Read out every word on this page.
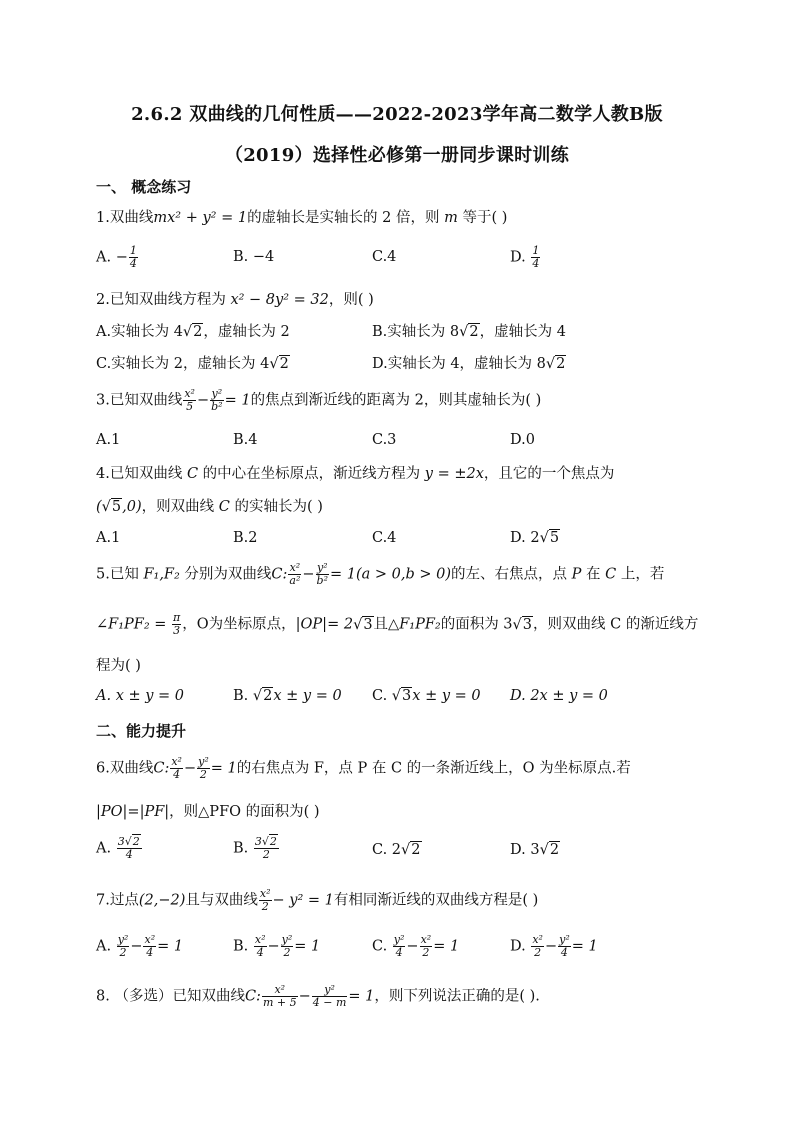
2.6.2 双曲线的几何性质——2022-2023学年高二数学人教B版
（2019）选择性必修第一册同步课时训练
一、 概念练习
1.双曲线mx² + y² = 1的虚轴长是实轴长的 2 倍，则 m 等于( )
A. − $\frac{1}{4}$	B. −4	C.4	D. $\frac{1}{4}$
2.已知双曲线方程为 x² − 8y² = 32，则( )
A.实轴长为 4√2，虚轴长为 2	B.实轴长为 8√2，虚轴长为 4
C.实轴长为 2，虚轴长为 4√2	D.实轴长为 4，虚轴长为 8√2
3.已知双曲线 $\frac{\text{x²}}{5} - \frac{\text{y²}}{\text{b²}} = 1$的焦点到渐近线的距离为 2，则其虚轴长为( )
A.1	B.4	C.3	D.0
4.已知双曲线 C 的中心在坐标原点，渐近线方程为 y = ±2x，且它的一个焦点为
(√5,0)，则双曲线 C 的实轴长为( )
A.1	B.2	C.4	D. 2√5
5.已知 F₁,F₂ 分别为双曲线C: $\frac{\text{x²}}{\text{a²}} - \frac{\text{y²}}{\text{b²}} = 1(a > 0,b > 0)$的左、右焦点，点 P 在 C 上，若
∠F₁PF₂ = $\frac{\pi}{3}$ ，O为坐标原点，|OP|= 2√3且△F₁PF₂的面积为 3√3，则双曲线 C 的渐近线方
程为( )
A. x ± y = 0	B. √2x ± y = 0 C. √3x ± y = 0 D. 2x ± y = 0
二、能力提升
6.双曲线C: $\frac{\text{x²}}{4} - \frac{\text{y²}}{2} = 1$的右焦点为 F，点 P 在 C 的一条渐近线上，O 为坐标原点.若
|PO|=|PF|，则△PFO 的面积为( )
A. $\frac{3√2}{4}$	B. $\frac{3√2}{2}$	C. 2√2	D. 3√2
7.过点(2,−2)且与双曲线 $\frac{\text{x²}}{2} - y^2 = 1$有相同渐近线的双曲线方程是( )
A. $\frac{\text{y²}}{2} - \frac{\text{x²}}{4} = 1$	B. $\frac{\text{x²}}{4} - \frac{\text{y²}}{2} = 1$	C. $\frac{\text{y²}}{4} - \frac{\text{x²}}{2} = 1$	D. $\frac{\text{x²}}{2} - \frac{\text{y²}}{4} = 1$
8. （多选）已知双曲线C: $\frac{\text{x²}}{m + 5} - \frac{\text{y²}}{4 - m} = 1$，则下列说法正确的是( ).
